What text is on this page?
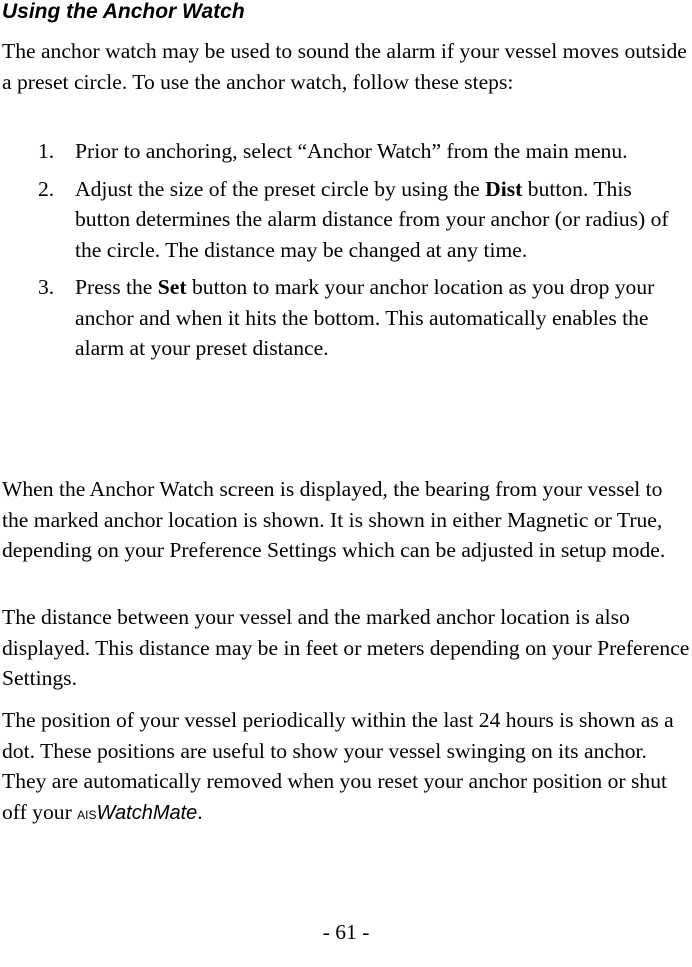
Using the Anchor Watch

The anchor watch may be used to sound the alarm if your vessel moves outside a preset circle. To use the anchor watch, follow these steps:

1. Prior to anchoring, select “Anchor Watch” from the main menu.
2. Adjust the size of the preset circle by using the Dist button. This button determines the alarm distance from your anchor (or radius) of the circle. The distance may be changed at any time.
3. Press the Set button to mark your anchor location as you drop your anchor and when it hits the bottom. This automatically enables the alarm at your preset distance.

When the Anchor Watch screen is displayed, the bearing from your vessel to the marked anchor location is shown. It is shown in either Magnetic or True, depending on your Preference Settings which can be adjusted in setup mode.

The distance between your vessel and the marked anchor location is also displayed. This distance may be in feet or meters depending on your Preference Settings.

The position of your vessel periodically within the last 24 hours is shown as a dot. These positions are useful to show your vessel swinging on its anchor. They are automatically removed when you reset your anchor position or shut off your AISWatchMate.

- 61 -
